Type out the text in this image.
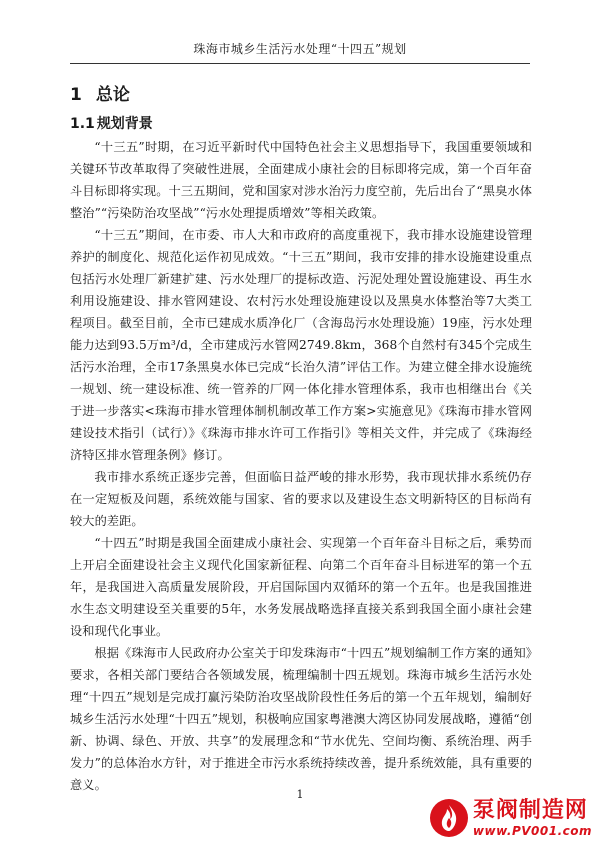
珠海市城乡生活污水处理“十四五”规划
1 总论
1.1 规划背景

“十三五”时期，在习近平新时代中国特色社会主义思想指导下，我国重要领域和关键环节改革取得了突破性进展，全面建成小康社会的目标即将完成，第一个百年奋斗目标即将实现。十三五期间，党和国家对涉水治污力度空前，先后出台了“黑臭水体整治”“污染防治攻坚战”“污水处理提质增效”等相关政策。

“十三五”期间，在市委、市人大和市政府的高度重视下，我市排水设施建设管理养护的制度化、规范化运作初见成效。“十三五”期间，我市安排的排水设施建设重点包括污水处理厂新建扩建、污水处理厂的提标改造、污泥处理处置设施建设、再生水利用设施建设、排水管网建设、农村污水处理设施建设以及黑臭水体整治等7大类工程项目。截至目前，全市已建成水质净化厂（含海岛污水处理设施）19座，污水处理能力达到93.5万m³/d，全市建成污水管网2749.8km，368个自然村有345个完成生活污水治理，全市17条黑臭水体已完成“长治久清”评估工作。为建立健全排水设施统一规划、统一建设标准、统一管养的厂网一体化排水管理体系，我市也相继出台《关于进一步落实<珠海市排水管理体制机制改革工作方案>实施意见》《珠海市排水管网建设技术指引（试行）》《珠海市排水许可工作指引》等相关文件，并完成了《珠海经济特区排水管理条例》修订。

我市排水系统正逐步完善，但面临日益严峻的排水形势，我市现状排水系统仍存在一定短板及问题，系统效能与国家、省的要求以及建设生态文明新特区的目标尚有较大的差距。

“十四五”时期是我国全面建成小康社会、实现第一个百年奋斗目标之后，乘势而上开启全面建设社会主义现代化国家新征程、向第二个百年奋斗目标进军的第一个五年，是我国进入高质量发展阶段，开启国际国内双循环的第一个五年。也是我国推进水生态文明建设至关重要的5年，水务发展战略选择直接关系到我国全面小康社会建设和现代化事业。

根据《珠海市人民政府办公室关于印发珠海市“十四五”规划编制工作方案的通知》要求，各相关部门要结合各领域发展，梳理编制十四五规划。珠海市城乡生活污水处理“十四五”规划是完成打赢污染防治攻坚战阶段性任务后的第一个五年规划，编制好城乡生活污水处理“十四五”规划，积极响应国家粤港澳大湾区协同发展战略，遵循“创新、协调、绿色、开放、共享”的发展理念和“节水优先、空间均衡、系统治理、两手发力”的总体治水方针，对于推进全市污水系统持续改善，提升系统效能，具有重要的意义。

1
泵阀制造网
www.PV001.com
